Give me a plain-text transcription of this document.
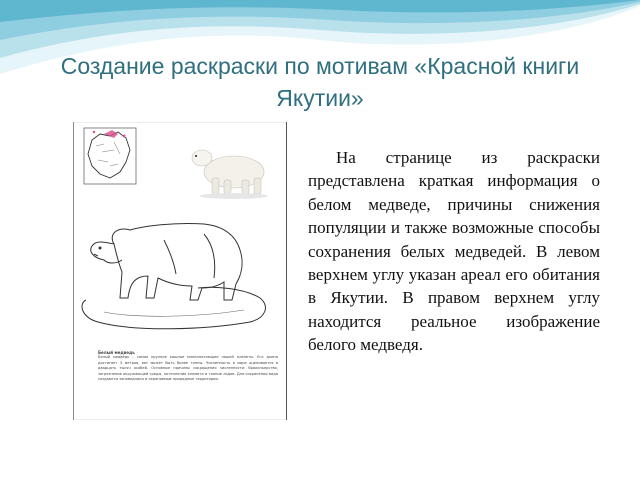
Создание раскраски по мотивам «Красной книги Якутии»
Белый медведь
Белый медведь – самое крупное хищное млекопитающее нашей планеты. Его длина достигает 3 метров, вес может быть более тонны. Численность в мире оценивается в двадцать тысяч особей. Основные причины сокращения численности: браконьерство, загрязнение окружающей среды, потепление климата и таяние льдов. Для сохранения вида создаются заповедники и охраняемые природные территории.

На странице из раскраски представлена краткая информация о белом медведе, причины снижения популяции и также возможные способы сохранения белых медведей. В левом верхнем углу указан ареал его обитания в Якутии. В правом верхнем углу находится реальное изображение белого медведя.
